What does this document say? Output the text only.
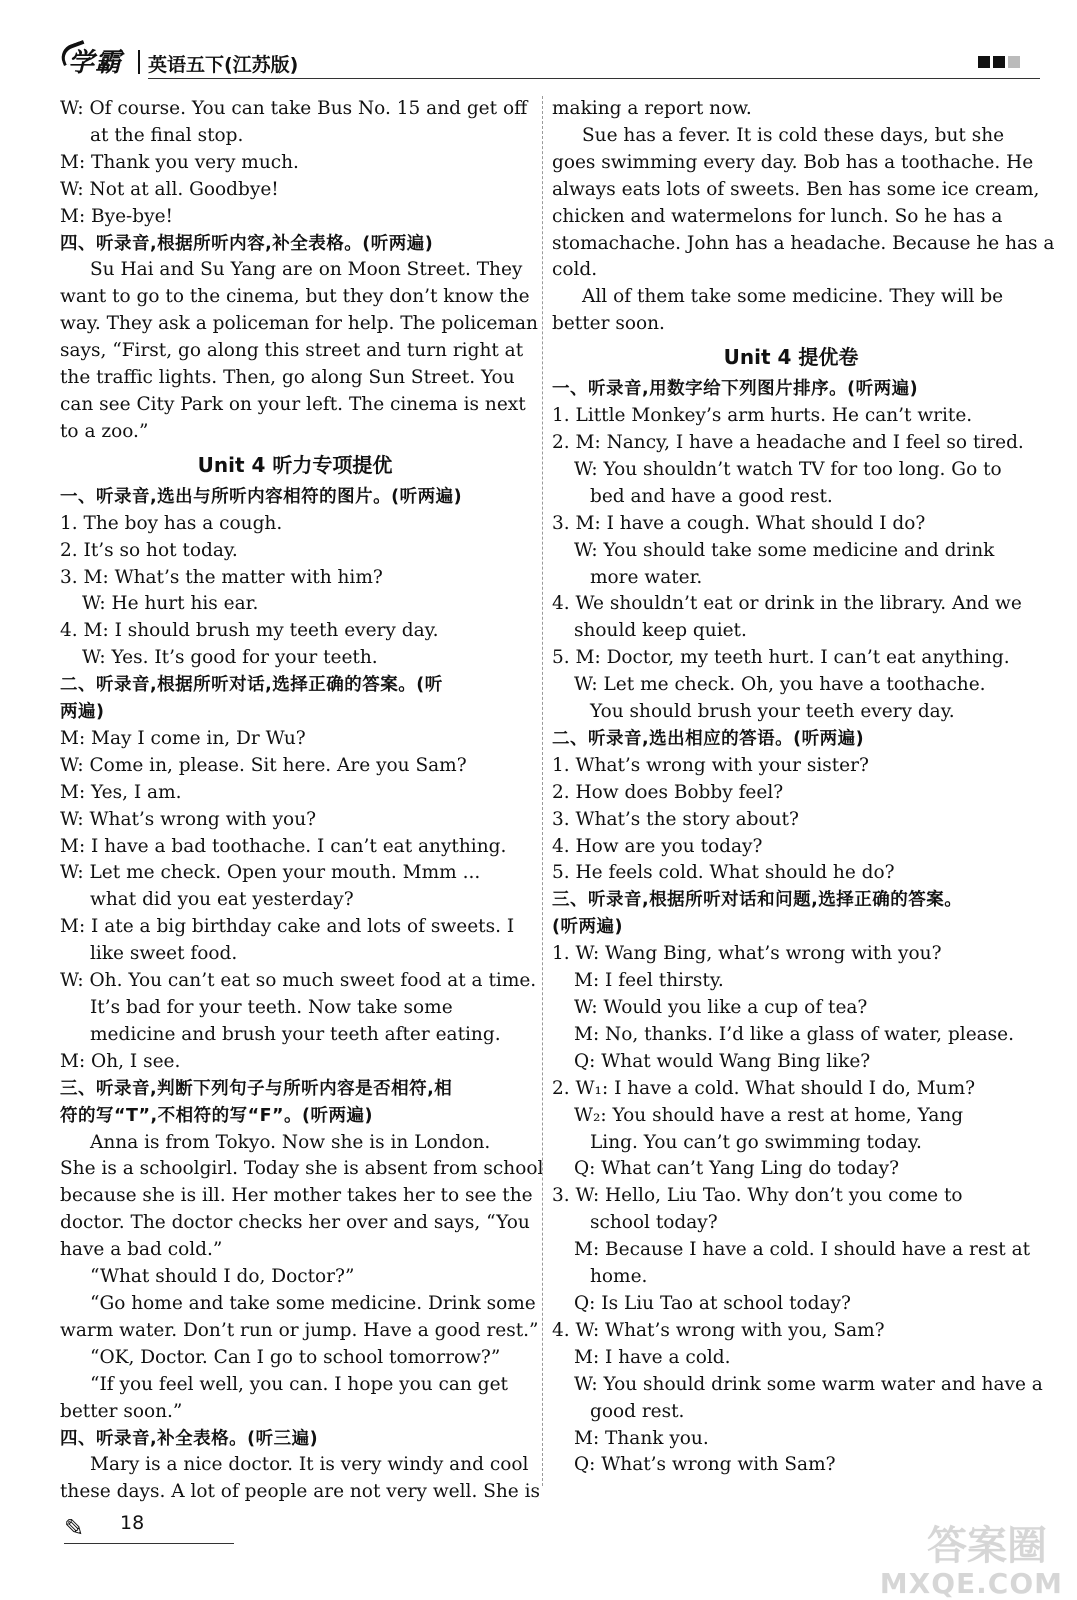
学霸 英语五下(江苏版)
W: Of course. You can take Bus No. 15 and get off
at the final stop.
M: Thank you very much.
W: Not at all. Goodbye!
M: Bye-bye!
四、听录音,根据所听内容,补全表格。(听两遍)
Su Hai and Su Yang are on Moon Street. They
want to go to the cinema, but they don’t know the
way. They ask a policeman for help. The policeman
says, “First, go along this street and turn right at
the traffic lights. Then, go along Sun Street. You
can see City Park on your left. The cinema is next
to a zoo.”
Unit 4 听力专项提优
一、听录音,选出与所听内容相符的图片。(听两遍)
1. The boy has a cough.
2. It’s so hot today.
3. M: What’s the matter with him?
W: He hurt his ear.
4. M: I should brush my teeth every day.
W: Yes. It’s good for your teeth.
二、听录音,根据所听对话,选择正确的答案。(听
两遍)
M: May I come in, Dr Wu?
W: Come in, please. Sit here. Are you Sam?
M: Yes, I am.
W: What’s wrong with you?
M: I have a bad toothache. I can’t eat anything.
W: Let me check. Open your mouth. Mmm ...
what did you eat yesterday?
M: I ate a big birthday cake and lots of sweets. I
like sweet food.
W: Oh. You can’t eat so much sweet food at a time.
It’s bad for your teeth. Now take some
medicine and brush your teeth after eating.
M: Oh, I see.
三、听录音,判断下列句子与所听内容是否相符,相
符的写“T”,不相符的写“F”。(听两遍)
Anna is from Tokyo. Now she is in London.
She is a schoolgirl. Today she is absent from school
because she is ill. Her mother takes her to see the
doctor. The doctor checks her over and says, “You
have a bad cold.”
“What should I do, Doctor?”
“Go home and take some medicine. Drink some
warm water. Don’t run or jump. Have a good rest.”
“OK, Doctor. Can I go to school tomorrow?”
“If you feel well, you can. I hope you can get
better soon.”
四、听录音,补全表格。(听三遍)
Mary is a nice doctor. It is very windy and cool
these days. A lot of people are not very well. She is
making a report now.
Sue has a fever. It is cold these days, but she
goes swimming every day. Bob has a toothache. He
always eats lots of sweets. Ben has some ice cream,
chicken and watermelons for lunch. So he has a
stomachache. John has a headache. Because he has a
cold.
All of them take some medicine. They will be
better soon.
Unit 4 提优卷
一、听录音,用数字给下列图片排序。(听两遍)
1. Little Monkey’s arm hurts. He can’t write.
2. M: Nancy, I have a headache and I feel so tired.
W: You shouldn’t watch TV for too long. Go to
bed and have a good rest.
3. M: I have a cough. What should I do?
W: You should take some medicine and drink
more water.
4. We shouldn’t eat or drink in the library. And we
should keep quiet.
5. M: Doctor, my teeth hurt. I can’t eat anything.
W: Let me check. Oh, you have a toothache.
You should brush your teeth every day.
二、听录音,选出相应的答语。(听两遍)
1. What’s wrong with your sister?
2. How does Bobby feel?
3. What’s the story about?
4. How are you today?
5. He feels cold. What should he do?
三、听录音,根据所听对话和问题,选择正确的答案。
(听两遍)
1. W: Wang Bing, what’s wrong with you?
M: I feel thirsty.
W: Would you like a cup of tea?
M: No, thanks. I’d like a glass of water, please.
Q: What would Wang Bing like?
2. W₁: I have a cold. What should I do, Mum?
W₂: You should have a rest at home, Yang
Ling. You can’t go swimming today.
Q: What can’t Yang Ling do today?
3. W: Hello, Liu Tao. Why don’t you come to
school today?
M: Because I have a cold. I should have a rest at
home.
Q: Is Liu Tao at school today?
4. W: What’s wrong with you, Sam?
M: I have a cold.
W: You should drink some warm water and have a
good rest.
M: Thank you.
Q: What’s wrong with Sam?
✎ 18	答案圈
MXQE.COM
